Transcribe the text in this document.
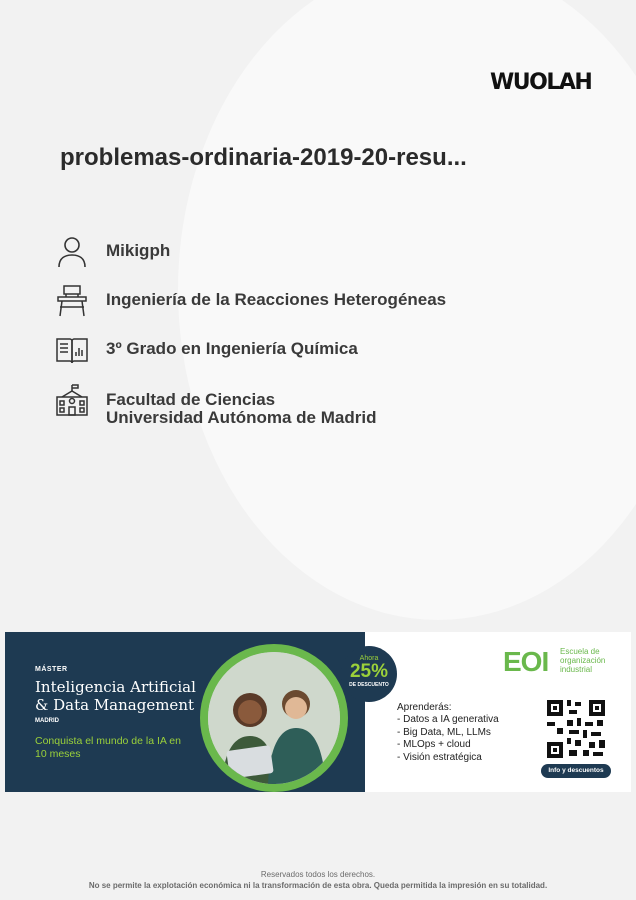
WUOLAH
problemas-ordinaria-2019-20-resu...
Mikigph
Ingeniería de la Reacciones Heterogéneas
3º Grado en Ingeniería Química
Facultad de Ciencias
Universidad Autónoma de Madrid
MÁSTER
Inteligencia Artificial
& Data Management
MADRID
Conquista el mundo de la IA en 10 meses
Ahora
25%
DE DESCUENTO
EOI Escuela de organización industrial
Aprenderás:
- Datos a IA generativa
- Big Data, ML, LLMs
- MLOps + cloud
- Visión estratégica
Info y descuentos
Reservados todos los derechos.
No se permite la explotación económica ni la transformación de esta obra. Queda permitida la impresión en su totalidad.
